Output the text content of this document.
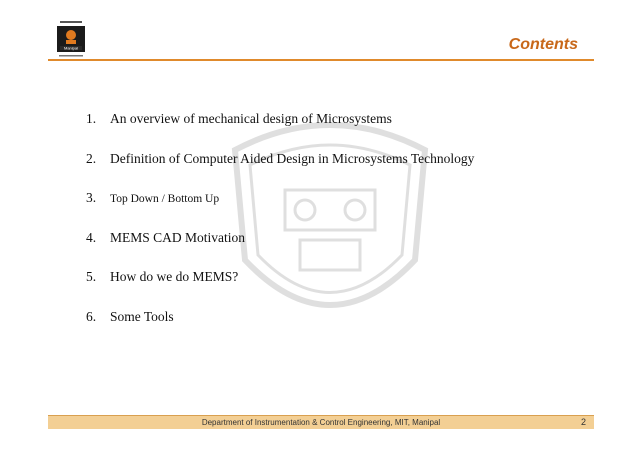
Manipal	Contents
1. An overview of mechanical design of Microsystems
2. Definition of Computer Aided Design in Microsystems Technology
3. Top Down / Bottom Up
4. MEMS CAD Motivation
5. How do we do MEMS?
6. Some Tools
Department of Instrumentation & Control Engineering, MIT, Manipal	2
